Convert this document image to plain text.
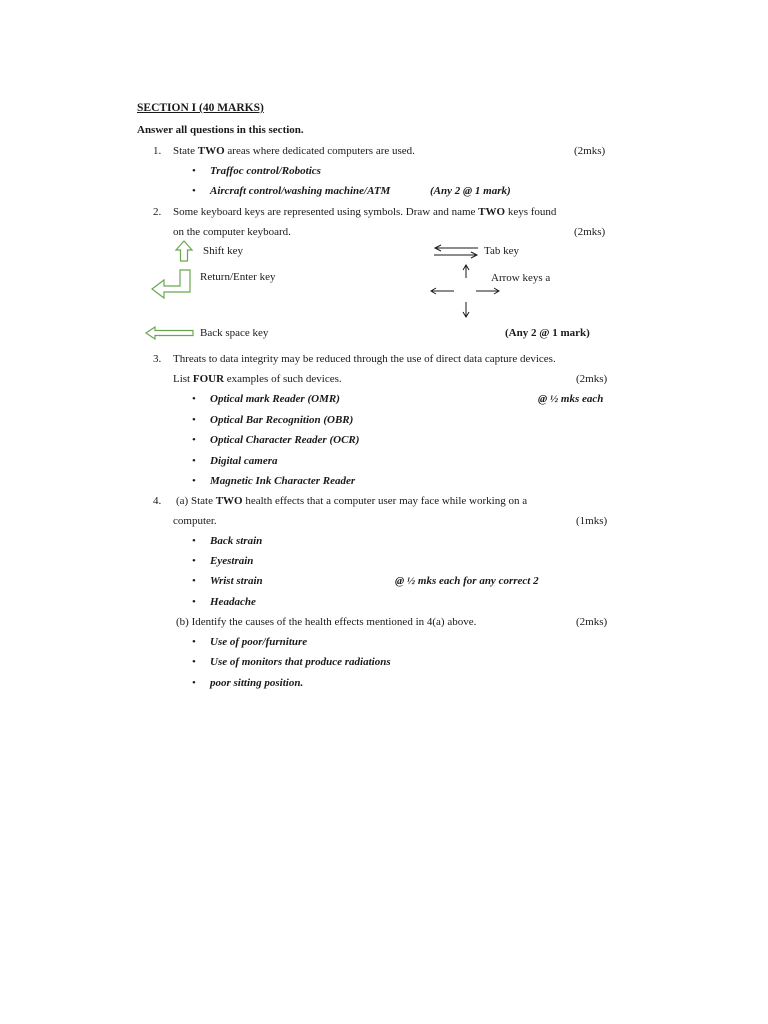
SECTION I (40 MARKS)
Answer all questions in this section.
1. State TWO areas where dedicated computers are used.	(2mks)
• Traffoc control/Robotics
• Aircraft control/washing machine/ATM	(Any 2 @ 1 mark)
2. Some keyboard keys are represented using symbols. Draw and name TWO keys found
on the computer keyboard.	(2mks)
Shift key
Return/Enter key
Tab key
Arrow keys a
Back space key	(Any 2 @ 1 mark)
3. Threats to data integrity may be reduced through the use of direct data capture devices.
List FOUR examples of such devices.	(2mks)
• Optical mark Reader (OMR)	@ ½ mks each
• Optical Bar Recognition (OBR)
• Optical Character Reader (OCR)
• Digital camera
• Magnetic Ink Character Reader
4. (a) State TWO health effects that a computer user may face while working on a
computer.	(1mks)
• Back strain
• Eyestrain
• Wrist strain	@ ½ mks each for any correct 2
• Headache
(b) Identify the causes of the health effects mentioned in 4(a) above.	(2mks)
• Use of poor/furniture
• Use of monitors that produce radiations
• poor sitting position.
